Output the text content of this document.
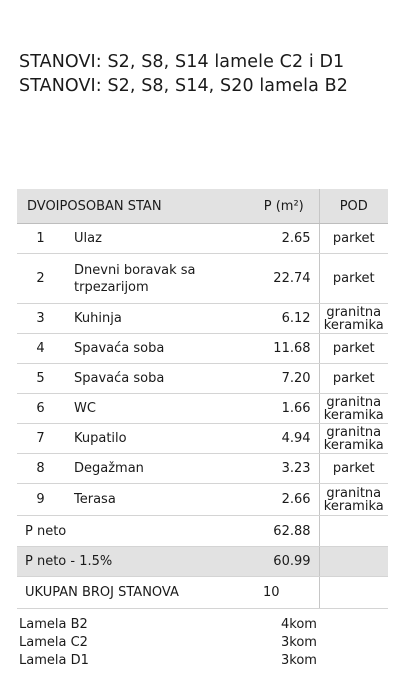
STANOVI: S2, S8, S14 lamele C2 i D1
STANOVI: S2, S8, S14, S20 lamela B2
DVOIPOSOBAN STAN		P (m²)	POD
1	Ulaz	2.65	parket
2	Dnevni boravak sa trpezarijom	22.74	parket
3	Kuhinja	6.12	granitna keramika
4	Spavaća soba	11.68	parket
5	Spavaća soba	7.20	parket
6	WC	1.66	granitna keramika
7	Kupatilo	4.94	granitna keramika
8	Degažman	3.23	parket
9	Terasa	2.66	granitna keramika
P neto		62.88	
P neto - 1.5%		60.99	
UKUPAN BROJ STANOVA		10	
Lamela B2	4kom
Lamela C2	3kom
Lamela D1	3kom
